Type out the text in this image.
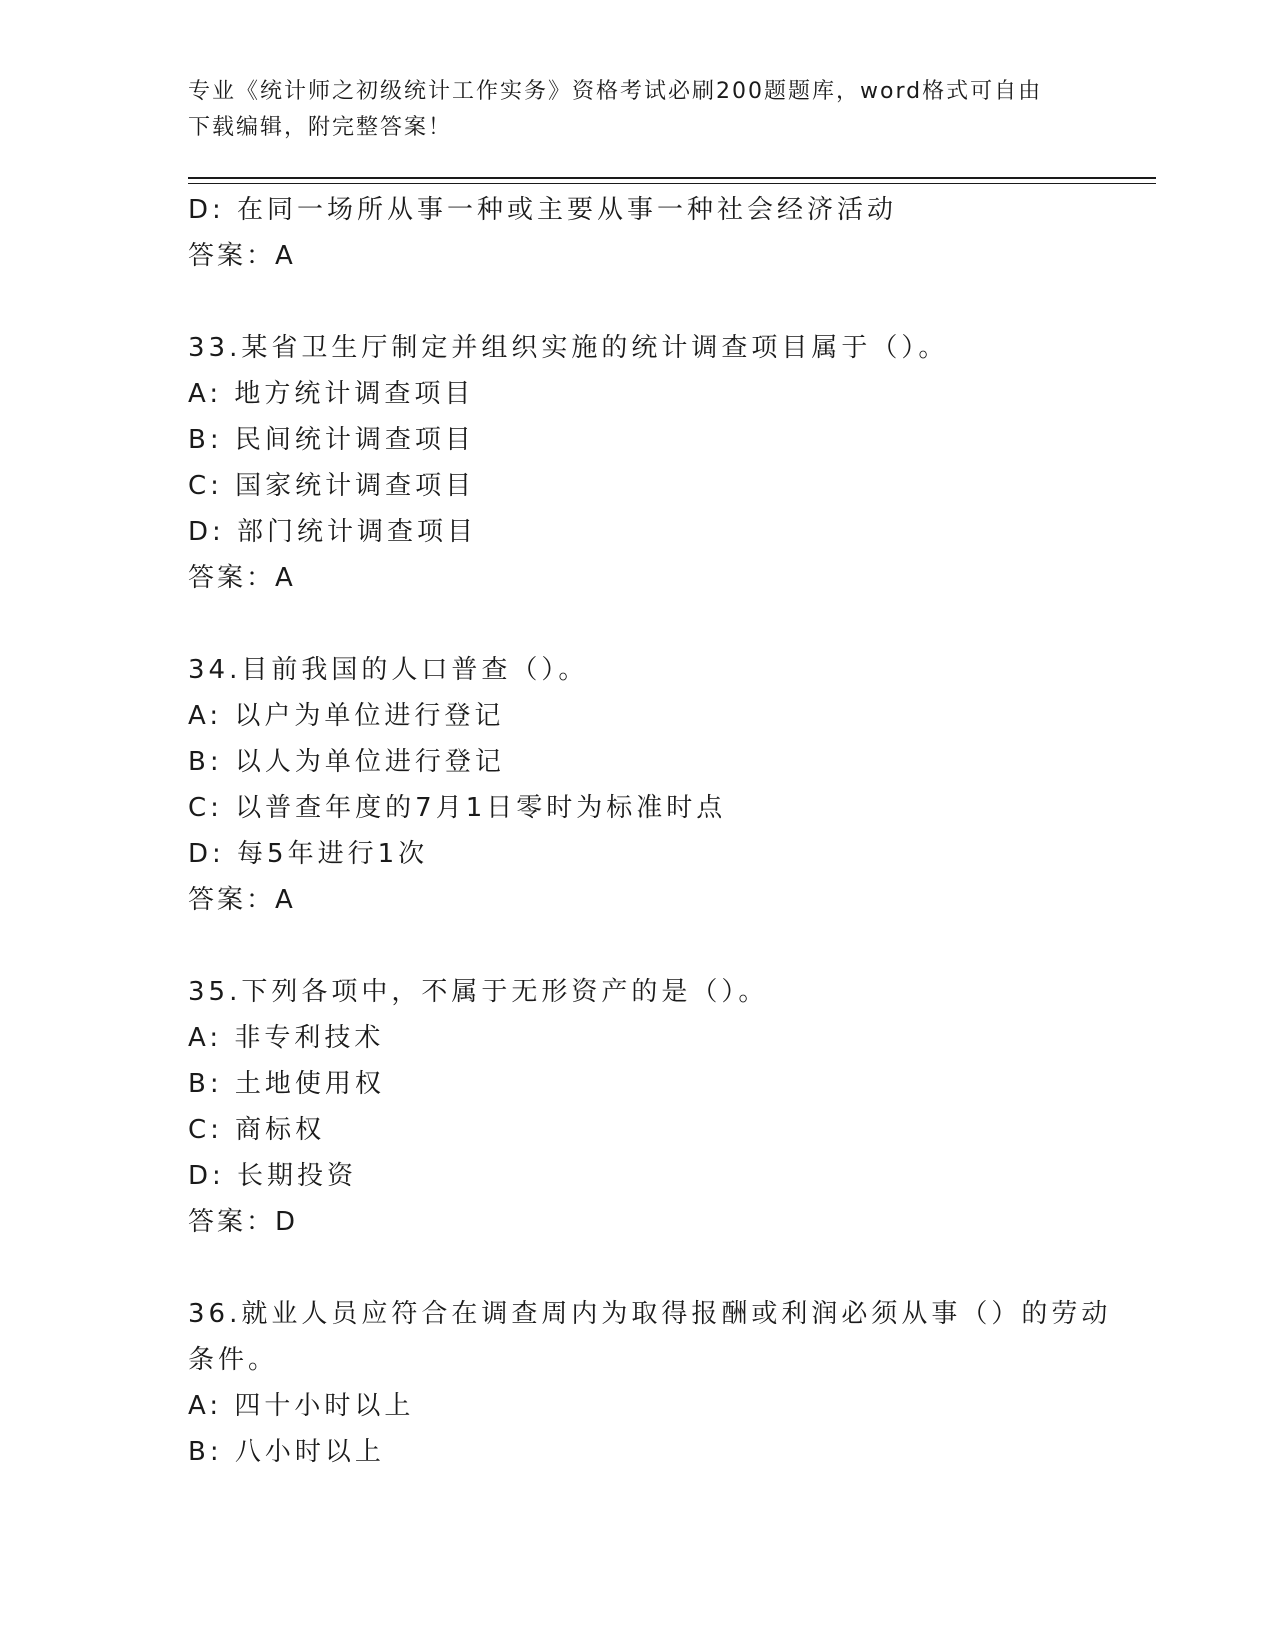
专业《统计师之初级统计工作实务》资格考试必刷200题题库，word格式可自由
下载编辑，附完整答案！
D: 在同一场所从事一种或主要从事一种社会经济活动
答案：A
33.某省卫生厅制定并组织实施的统计调查项目属于（）。
A: 地方统计调查项目
B: 民间统计调查项目
C: 国家统计调查项目
D: 部门统计调查项目
答案：A
34.目前我国的人口普查（）。
A: 以户为单位进行登记
B: 以人为单位进行登记
C: 以普查年度的7月1日零时为标准时点
D: 每5年进行1次
答案：A
35.下列各项中，不属于无形资产的是（）。
A: 非专利技术
B: 土地使用权
C: 商标权
D: 长期投资
答案：D
36.就业人员应符合在调查周内为取得报酬或利润必须从事（）的劳动
条件。
A: 四十小时以上
B: 八小时以上
